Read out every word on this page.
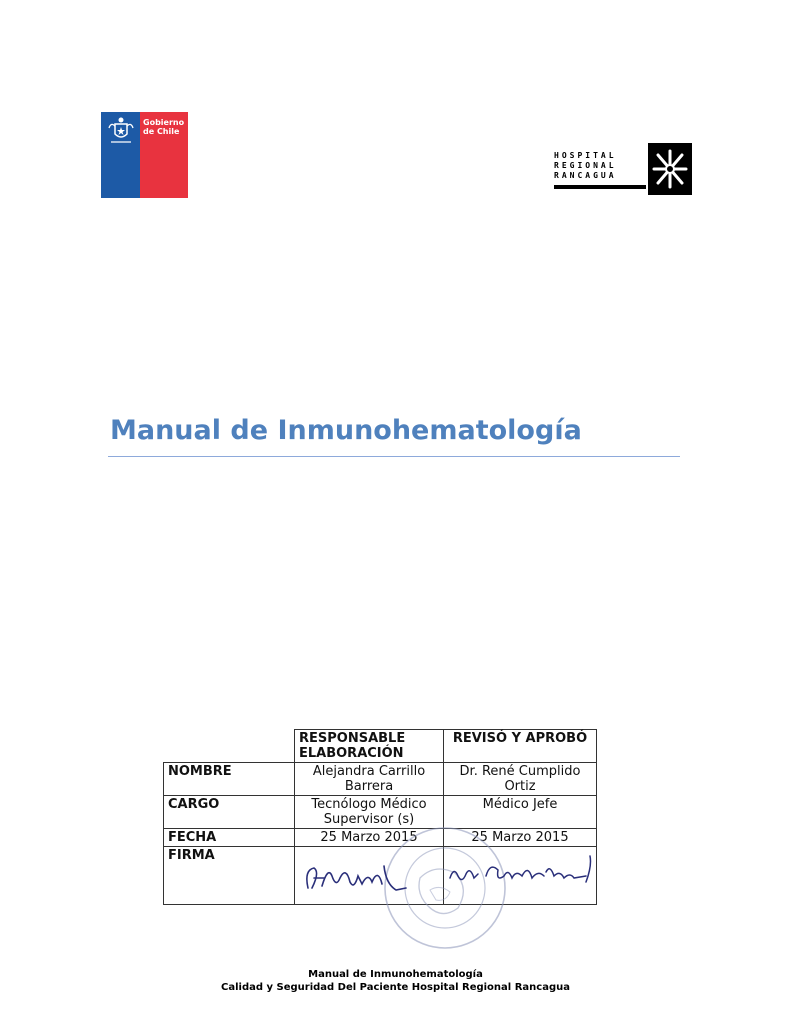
Gobierno
de Chile
HOSPITAL
REGIONAL
RANCAGUA
Manual de Inmunohematología
	RESPONSABLE ELABORACIÓN	REVISÓ Y APROBÓ
NOMBRE	Alejandra Carrillo Barrera	Dr. René Cumplido Ortiz
CARGO	Tecnólogo Médico Supervisor (s)	Médico Jefe
FECHA	25 Marzo 2015	25 Marzo 2015
FIRMA		
Manual de Inmunohematología
Calidad y Seguridad Del Paciente Hospital Regional Rancagua
